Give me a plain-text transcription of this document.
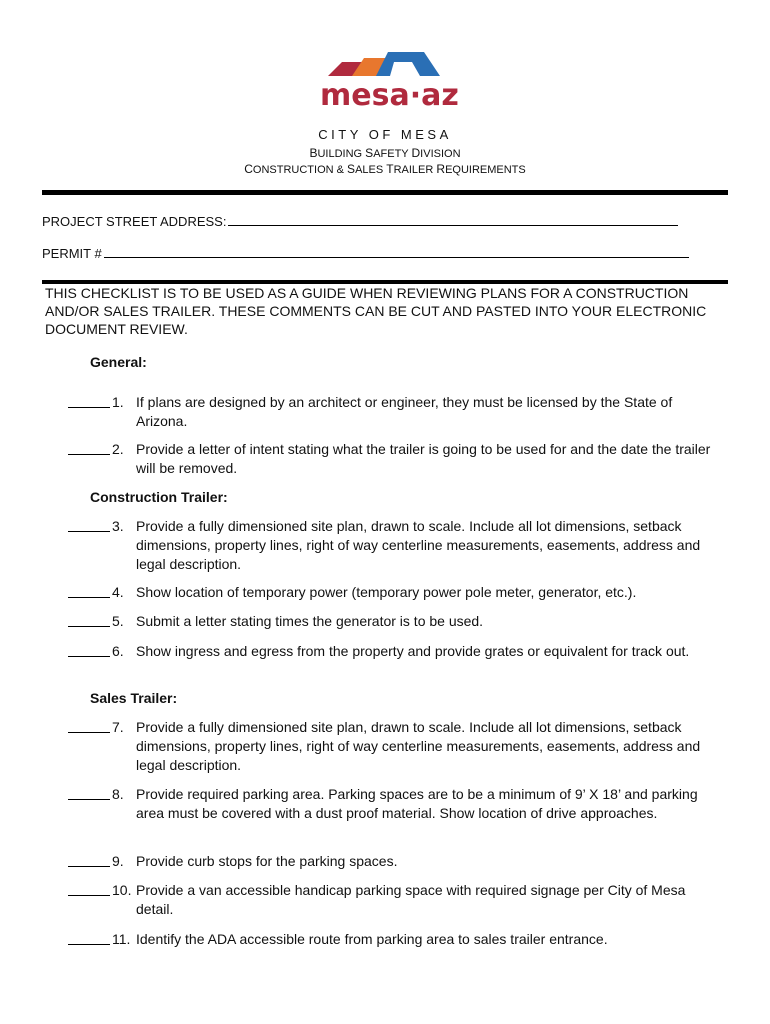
mesa·az
CITY OF MESA
BUILDING SAFETY DIVISION
CONSTRUCTION & SALES TRAILER REQUIREMENTS
PROJECT STREET ADDRESS:
PERMIT #
THIS CHECKLIST IS TO BE USED AS A GUIDE WHEN REVIEWING PLANS FOR A CONSTRUCTION AND/OR SALES TRAILER. THESE COMMENTS CAN BE CUT AND PASTED INTO YOUR ELECTRONIC DOCUMENT REVIEW.
General:
1. If plans are designed by an architect or engineer, they must be licensed by the State of Arizona.
2. Provide a letter of intent stating what the trailer is going to be used for and the date the trailer will be removed.
Construction Trailer:
3. Provide a fully dimensioned site plan, drawn to scale. Include all lot dimensions, setback dimensions, property lines, right of way centerline measurements, easements, address and legal description.
4. Show location of temporary power (temporary power pole meter, generator, etc.).
5. Submit a letter stating times the generator is to be used.
6. Show ingress and egress from the property and provide grates or equivalent for track out.
Sales Trailer:
7. Provide a fully dimensioned site plan, drawn to scale. Include all lot dimensions, setback dimensions, property lines, right of way centerline measurements, easements, address and legal description.
8. Provide required parking area. Parking spaces are to be a minimum of 9’ X 18’ and parking area must be covered with a dust proof material. Show location of drive approaches.
9. Provide curb stops for the parking spaces.
10. Provide a van accessible handicap parking space with required signage per City of Mesa detail.
11. Identify the ADA accessible route from parking area to sales trailer entrance.
